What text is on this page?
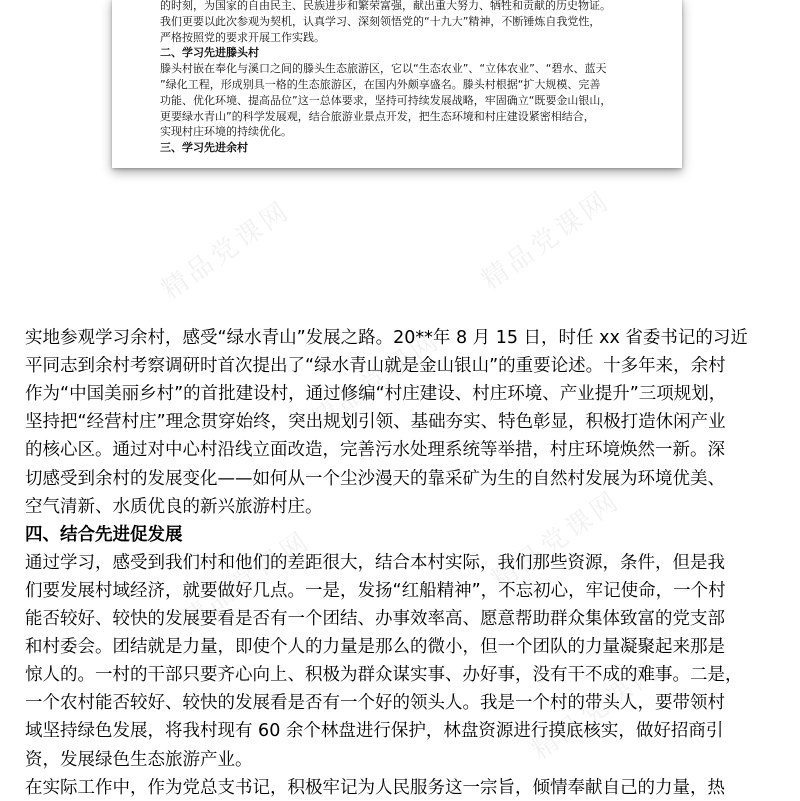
精品党课网	精品党课网
精品党课网
精品党课网
精品党课网
精品党课网
的时刻，为国家的自由民主、民族进步和繁荣富强，献出重大努力、牺牲和贡献的历史物证。
我们更要以此次参观为契机，认真学习、深刻领悟党的“十九大”精神，不断锤炼自我党性，
严格按照党的要求开展工作实践。
二、学习先进滕头村
滕头村嵌在奉化与溪口之间的滕头生态旅游区，它以“生态农业”、“立体农业”、“碧水、蓝天
”绿化工程，形成别具一格的生态旅游区，在国内外颇享盛名。滕头村根据“扩大规模、完善
功能、优化环境、提高品位”这一总体要求，坚持可持续发展战略，牢固确立“既要金山银山，
更要绿水青山”的科学发展观，结合旅游业景点开发，把生态环境和村庄建设紧密相结合，
实现村庄环境的持续优化。
三、学习先进余村
实地参观学习余村，感受“绿水青山”发展之路。20**年 8 月 15 日，时任 xx 省委书记的习近
平同志到余村考察调研时首次提出了“绿水青山就是金山银山”的重要论述。十多年来，余村
作为“中国美丽乡村”的首批建设村，通过修编“村庄建设、村庄环境、产业提升”三项规划，
坚持把“经营村庄”理念贯穿始终，突出规划引领、基础夯实、特色彰显，积极打造休闲产业
的核心区。通过对中心村沿线立面改造，完善污水处理系统等举措，村庄环境焕然一新。深
切感受到余村的发展变化——如何从一个尘沙漫天的靠采矿为生的自然村发展为环境优美、
空气清新、水质优良的新兴旅游村庄。
四、结合先进促发展
通过学习，感受到我们村和他们的差距很大，结合本村实际，我们那些资源，条件，但是我
们要发展村域经济，就要做好几点。一是，发扬“红船精神”，不忘初心，牢记使命，一个村
能否较好、较快的发展要看是否有一个团结、办事效率高、愿意帮助群众集体致富的党支部
和村委会。团结就是力量，即使个人的力量是那么的微小，但一个团队的力量凝聚起来那是
惊人的。一村的干部只要齐心向上、积极为群众谋实事、办好事，没有干不成的难事。二是，
一个农村能否较好、较快的发展看是否有一个好的领头人。我是一个村的带头人，要带领村
域坚持绿色发展，将我村现有 60 余个林盘进行保护，林盘资源进行摸底核实，做好招商引
资，发展绿色生态旅游产业。
在实际工作中，作为党总支书记，积极牢记为人民服务这一宗旨，倾情奉献自己的力量，热
